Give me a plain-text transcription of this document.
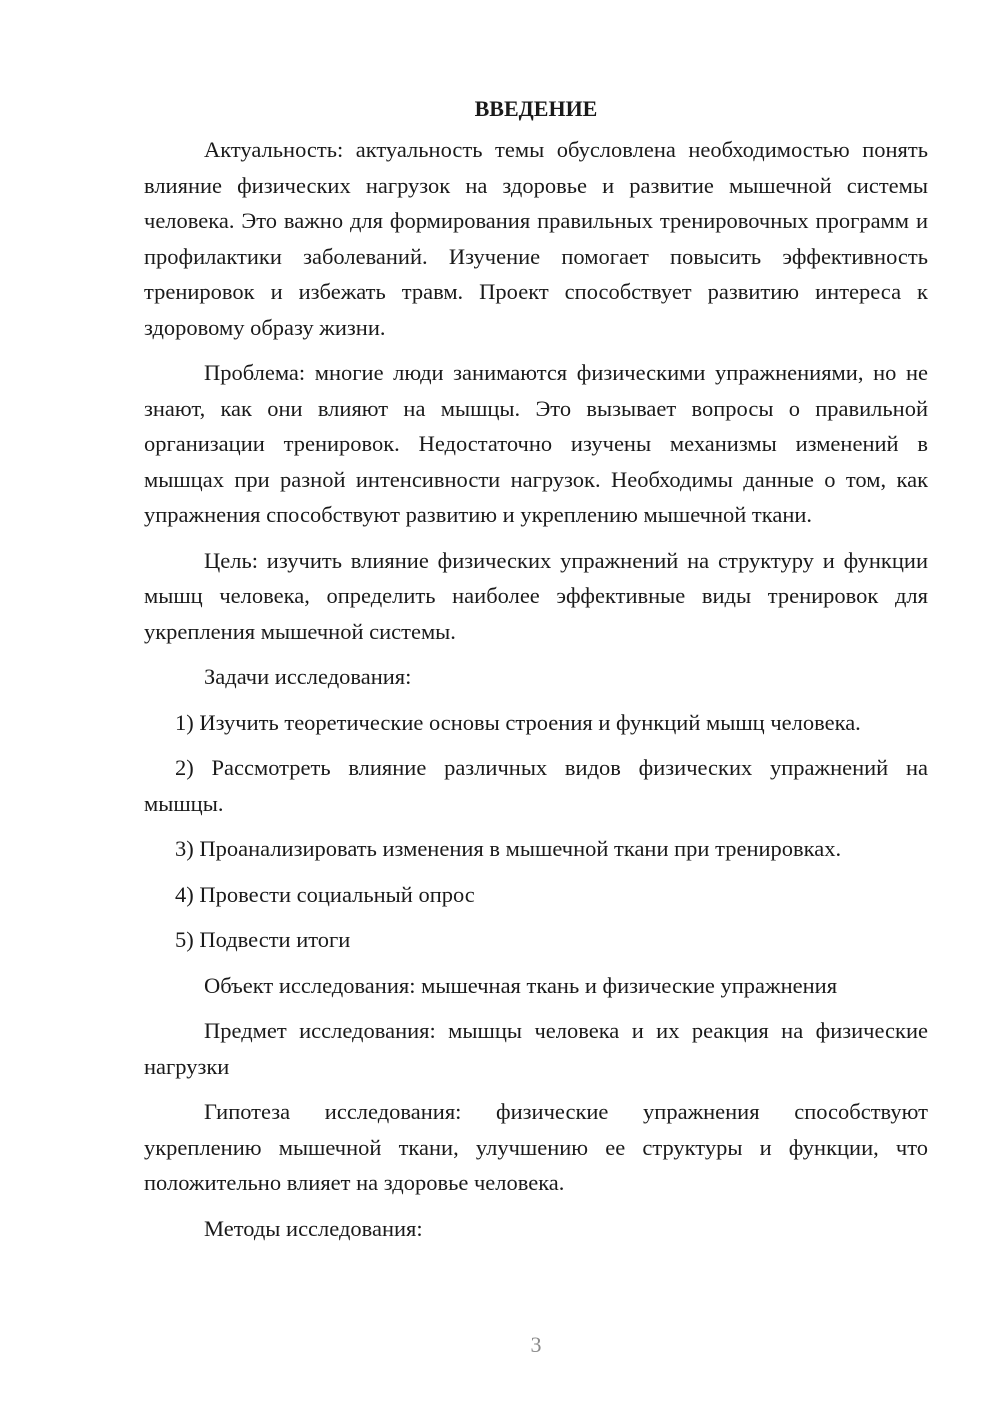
ВВЕДЕНИЕ

Актуальность: актуальность темы обусловлена необходимостью понять влияние физических нагрузок на здоровье и развитие мышечной системы человека. Это важно для формирования правильных тренировочных программ и профилактики заболеваний. Изучение помогает повысить эффективность тренировок и избежать травм. Проект способствует развитию интереса к здоровому образу жизни.

Проблема: многие люди занимаются физическими упражнениями, но не знают, как они влияют на мышцы. Это вызывает вопросы о правильной организации тренировок. Недостаточно изучены механизмы изменений в мышцах при разной интенсивности нагрузок. Необходимы данные о том, как упражнения способствуют развитию и укреплению мышечной ткани.

Цель: изучить влияние физических упражнений на структуру и функции мышц человека, определить наиболее эффективные виды тренировок для укрепления мышечной системы.

Задачи исследования:

1) Изучить теоретические основы строения и функций мышц человека.

2) Рассмотреть влияние различных видов физических упражнений на мышцы.

3) Проанализировать изменения в мышечной ткани при тренировках.

4) Провести социальный опрос

5) Подвести итоги

Объект исследования: мышечная ткань и физические упражнения

Предмет исследования: мышцы человека и их реакция на физические нагрузки

Гипотеза исследования: физические упражнения способствуют укреплению мышечной ткани, улучшению ее структуры и функции, что положительно влияет на здоровье человека.

Методы исследования:

3
